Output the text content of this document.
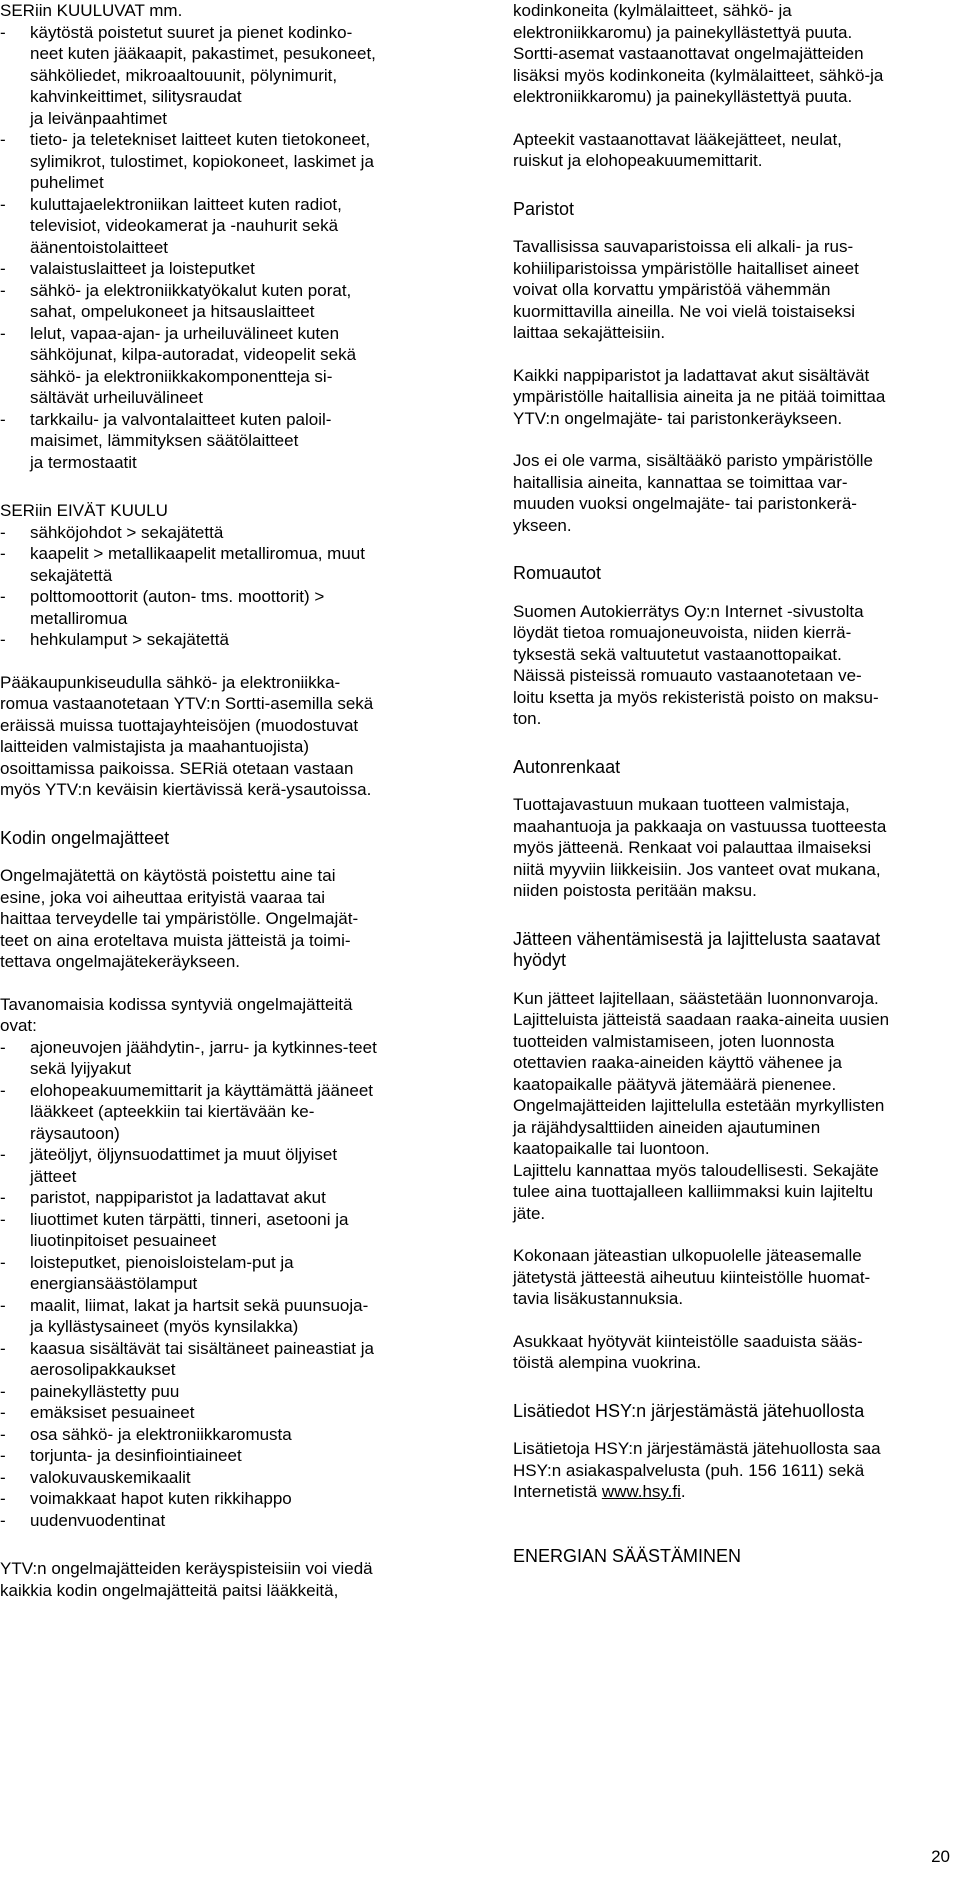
SERiin KUULUVAT mm.

-	käytöstä poistetut suuret ja pienet kodinko-
neet kuten jääkaapit, pakastimet, pesukoneet,
sähköliedet, mikroaaltouunit, pölynimurit,
kahvinkeittimet, silitysraudat
ja leivänpaahtimet
-	tieto- ja teletekniset laitteet kuten tietokoneet,
sylimikrot, tulostimet, kopiokoneet, laskimet ja
puhelimet
-	kuluttajaelektroniikan laitteet kuten radiot,
televisiot, videokamerat ja -nauhurit sekä
äänentoistolaitteet
-	valaistuslaitteet ja loisteputket
-	sähkö- ja elektroniikkatyökalut kuten porat,
sahat, ompelukoneet ja hitsauslaitteet
-	lelut, vapaa-ajan- ja urheiluvälineet kuten
sähköjunat, kilpa-autoradat, videopelit sekä
sähkö- ja elektroniikkakomponentteja si-
sältävät urheiluvälineet
-	tarkkailu- ja valvontalaitteet kuten paloil-
maisimet, lämmityksen säätölaitteet
ja termostaatit

SERiin EIVÄT KUULU

-	sähköjohdot > sekajätettä
-	kaapelit > metallikaapelit metalliromua, muut
sekajätettä
-	polttomoottorit (auton- tms. moottorit) >
metalliromua
-	hehkulamput > sekajätettä
Pääkaupunkiseudulla sähkö- ja elektroniikka-
romua vastaanotetaan YTV:n Sortti-asemilla sekä
eräissä muissa tuottajayhteisöjen (muodostuvat
laitteiden valmistajista ja maahantuojista)
osoittamissa paikoissa. SERiä otetaan vastaan
myös YTV:n keväisin kiertävissä kerä-ysautoissa.

Kodin ongelmajätteet

Ongelmajätettä on käytöstä poistettu aine tai
esine, joka voi aiheuttaa erityistä vaaraa tai
haittaa terveydelle tai ympäristölle. Ongelmajät-
teet on aina eroteltava muista jätteistä ja toimi-
tettava ongelmajätekeräykseen.
Tavanomaisia kodissa syntyviä ongelmajätteitä
ovat:
-	ajoneuvojen jäähdytin-, jarru- ja kytkinnes-teet
sekä lyijyakut
-	elohopeakuumemittarit ja käyttämättä jääneet
lääkkeet (apteekkiin tai kiertävään ke-
räysautoon)
-	jäteöljyt, öljynsuodattimet ja muut öljyiset
jätteet
-	paristot, nappiparistot ja ladattavat akut
-	liuottimet kuten tärpätti, tinneri, asetooni ja
liuotinpitoiset pesuaineet
-	loisteputket, pienoisloistelam-put ja
energiansäästölamput
-	maalit, liimat, lakat ja hartsit sekä puunsuoja-
ja kyllästysaineet (myös kynsilakka)
-	kaasua sisältävät tai sisältäneet paineastiat ja
aerosolipakkaukset
-	painekyllästetty puu
-	emäksiset pesuaineet
-	osa sähkö- ja elektroniikkaromusta
-	torjunta- ja desinfiointiaineet
-	valokuvauskemikaalit
-	voimakkaat hapot kuten rikkihappo
-	uudenvuodentinat
YTV:n ongelmajätteiden keräyspisteisiin voi viedä
kaikkia kodin ongelmajätteitä paitsi lääkkeitä,
kodinkoneita (kylmälaitteet, sähkö- ja
elektroniikkaromu) ja painekyllästettyä puuta.
Sortti-asemat vastaanottavat ongelmajätteiden
lisäksi myös kodinkoneita (kylmälaitteet, sähkö-ja
elektroniikkaromu) ja painekyllästettyä puuta.
Apteekit vastaanottavat lääkejätteet, neulat,
ruiskut ja elohopeakuumemittarit.

Paristot

Tavallisissa sauvaparistoissa eli alkali- ja rus-
kohiiliparistoissa ympäristölle haitalliset aineet
voivat olla korvattu ympäristöä vähemmän
kuormittavilla aineilla. Ne voi vielä toistaiseksi
laittaa sekajätteisiin.
Kaikki nappiparistot ja ladattavat akut sisältävät
ympäristölle haitallisia aineita ja ne pitää toimittaa
YTV:n ongelmajäte- tai paristonkeräykseen.
Jos ei ole varma, sisältääkö paristo ympäristölle
haitallisia aineita, kannattaa se toimittaa var-
muuden vuoksi ongelmajäte- tai paristonkerä-
ykseen.

Romuautot

Suomen Autokierrätys Oy:n Internet -sivustolta
löydät tietoa romuajoneuvoista, niiden kierrä-
tyksestä sekä valtuutetut vastaanottopaikat.
Näissä pisteissä romuauto vastaanotetaan ve-
loitu ksetta ja myös rekisteristä poisto on maksu-
ton.

Autonrenkaat

Tuottajavastuun mukaan tuotteen valmistaja,
maahantuoja ja pakkaaja on vastuussa tuotteesta
myös jätteenä. Renkaat voi palauttaa ilmaiseksi
niitä myyviin liikkeisiin. Jos vanteet ovat mukana,
niiden poistosta peritään maksu.
Jätteen vähentämisestä ja lajittelusta saatavat
hyödyt
Kun jätteet lajitellaan, säästetään luonnonvaroja.
Lajitteluista jätteistä saadaan raaka-aineita uusien
tuotteiden valmistamiseen, joten luonnosta
otettavien raaka-aineiden käyttö vähenee ja
kaatopaikalle päätyvä jätemäärä pienenee.
Ongelmajätteiden lajittelulla estetään myrkyllisten
ja räjähdysalttiiden aineiden ajautuminen
kaatopaikalle tai luontoon.
Lajittelu kannattaa myös taloudellisesti. Sekajäte
tulee aina tuottajalleen kalliimmaksi kuin lajiteltu
jäte.
Kokonaan jäteastian ulkopuolelle jäteasemalle
jätetystä jätteestä aiheutuu kiinteistölle huomat-
tavia lisäkustannuksia.
Asukkaat hyötyvät kiinteistölle saaduista sääs-
töistä alempina vuokrina.

Lisätiedot HSY:n järjestämästä jätehuollosta

Lisätietoja HSY:n järjestämästä jätehuollosta saa
HSY:n asiakaspalvelusta (puh. 156 1611) sekä

Internetistä www.hsy.fi.

ENERGIAN SÄÄSTÄMINEN

20
